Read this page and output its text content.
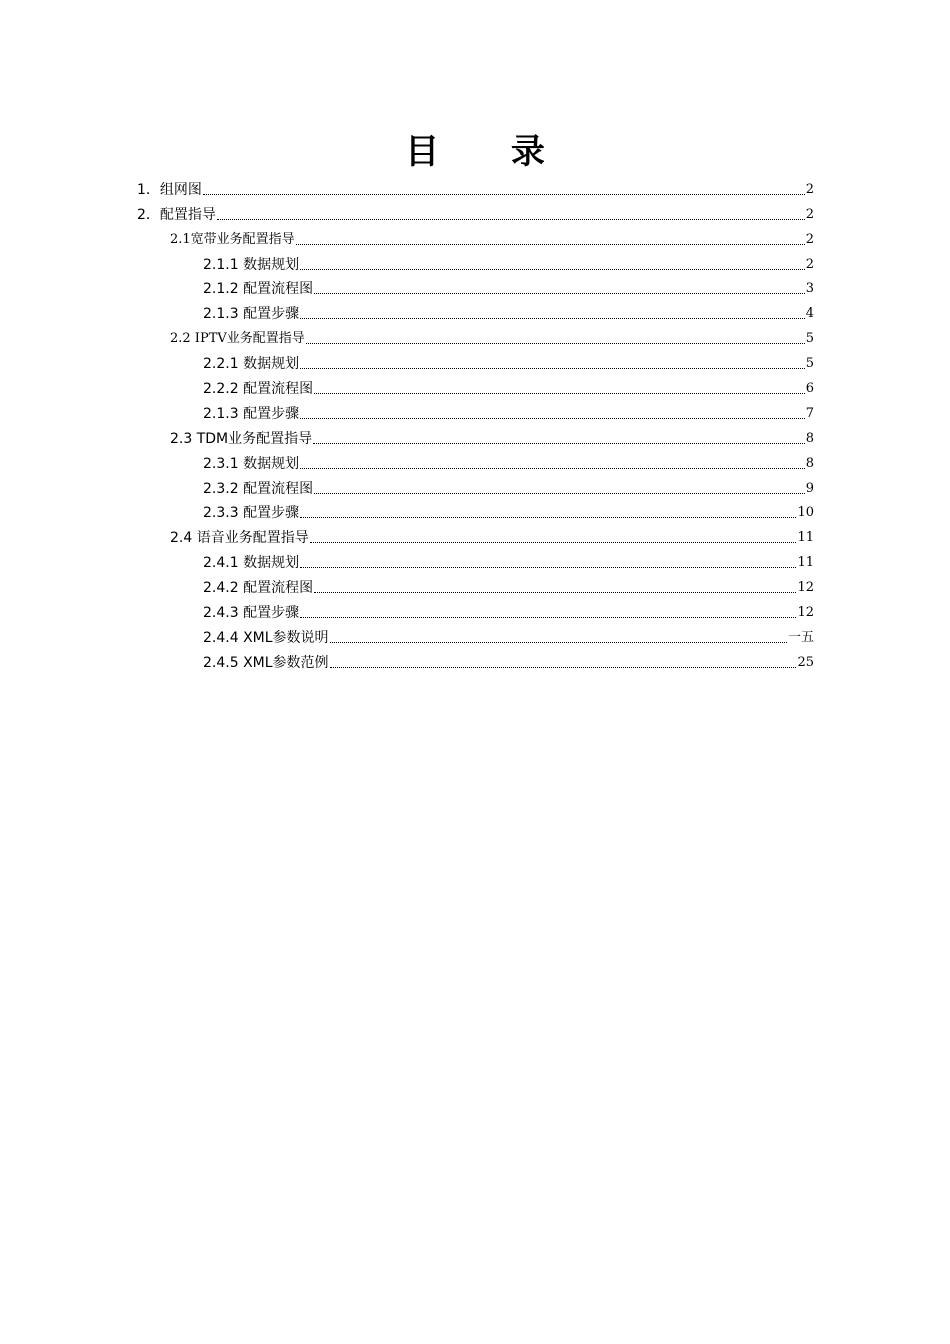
目 录
1．组网图	2
2．配置指导	2
2.1宽带业务配置指导	2
2.1.1 数据规划	2
2.1.2 配置流程图	3
2.1.3 配置步骤	4
2.2 IPTV业务配置指导	5
2.2.1 数据规划	5
2.2.2 配置流程图	6
2.1.3 配置步骤	7
2.3 TDM业务配置指导	8
2.3.1 数据规划	8
2.3.2 配置流程图	9
2.3.3 配置步骤	10
2.4 语音业务配置指导	11
2.4.1 数据规划	11
2.4.2 配置流程图	12
2.4.3 配置步骤	12
2.4.4 XML参数说明	一五
2.4.5 XML参数范例	25
